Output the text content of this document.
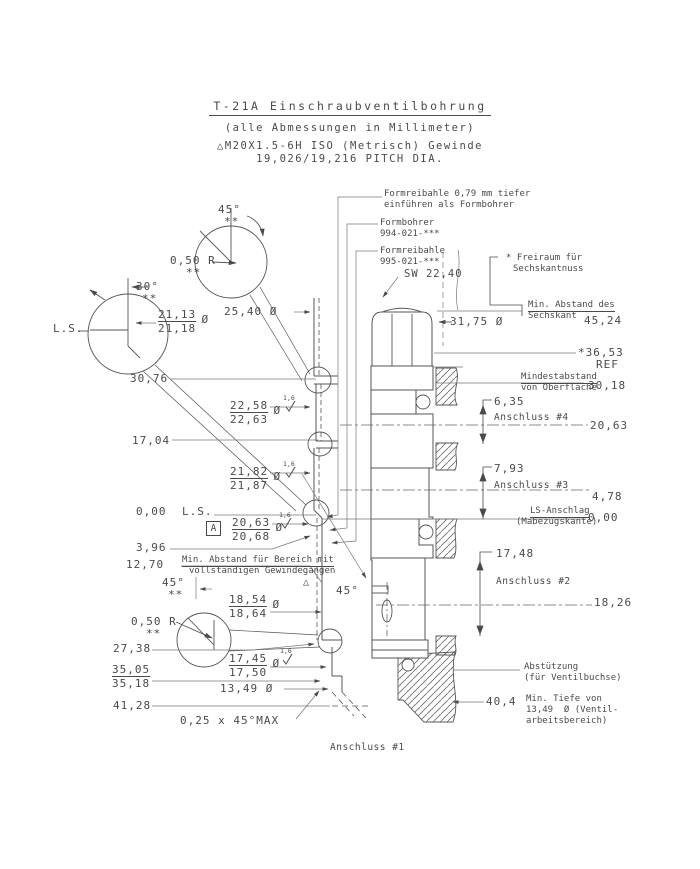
T-21A Einschraubventilbohrung
(alle Abmessungen in Millimeter)
△M20X1.5-6H ISO (Metrisch) Gewinde
19,026/19,216 PITCH DIA.
Formreibahle 0,79 mm tiefer
einführen als Formbohrer
Formbohrer
994-021-***
Formreibahle
995-021-***
SW 22,40
* Freiraum für
Sechskantnuss
Min. Abstand des
Sechskant 45,24
31,75 Ø
*36,53
REF
Mindestabstand
von Oberfläche
30,18
6,35
Anschluss #4
20,63
7,93
Anschluss #3
4,78
LS-Anschlag
(Mabezugskante)
0,00
17,48
Anschluss #2
18,26
Abstützung
(für Ventilbuchse)
40,4 Min. Tiefe von
13,49  Ø (Ventil-
arbeitsbereich)
45°
**
0,50 R
**
30°
**
L.S.
21,13
21,18
Ø
25,40 Ø
30,76
22,58
22,63
Ø
17,04
21,82
21,87
Ø
0,00 L.S.
A	20,63
20,68
Ø
3,96
12,70 Min. Abstand für Bereich mit
vollständigen Gewindegängen
△
45°
**	18,54
18,64
Ø
0,50 R
**
27,38
17,45
17,50
Ø
35,05
35,18	13,49 Ø
41,28
0,25 x 45°MAX
45°
Anschluss #1
1,6
1,6
1,6
1,6
